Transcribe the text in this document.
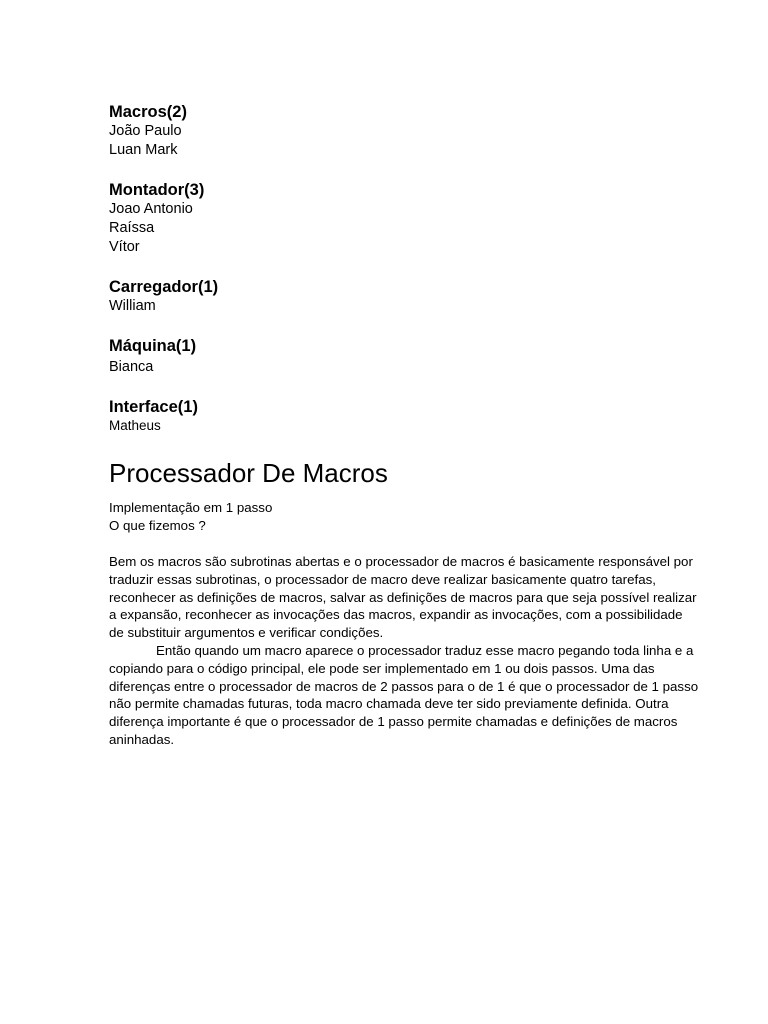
Macros(2)
João Paulo
Luan Mark
Montador(3)
Joao Antonio
Raíssa
Vítor
Carregador(1)
William
Máquina(1)
Bianca
Interface(1)
Matheus
Processador De Macros

Implementação em 1 passo

O que fizemos ?

Bem os macros são subrotinas abertas e o processador de macros é basicamente responsável por traduzir essas subrotinas, o processador de macro deve realizar basicamente quatro tarefas, reconhecer as definições de macros, salvar as definições de macros para que seja possível realizar a expansão, reconhecer as invocações das macros, expandir as invocações, com a possibilidade de substituir argumentos e verificar condições.

Então quando um macro aparece o processador traduz esse macro pegando toda linha e a copiando para o código principal, ele pode ser implementado em 1 ou dois passos. Uma das diferenças entre o processador de macros de 2 passos para o de 1 é que o processador de 1 passo não permite chamadas futuras, toda macro chamada deve ter sido previamente definida. Outra diferença importante é que o processador de 1 passo permite chamadas e definições de macros aninhadas.
